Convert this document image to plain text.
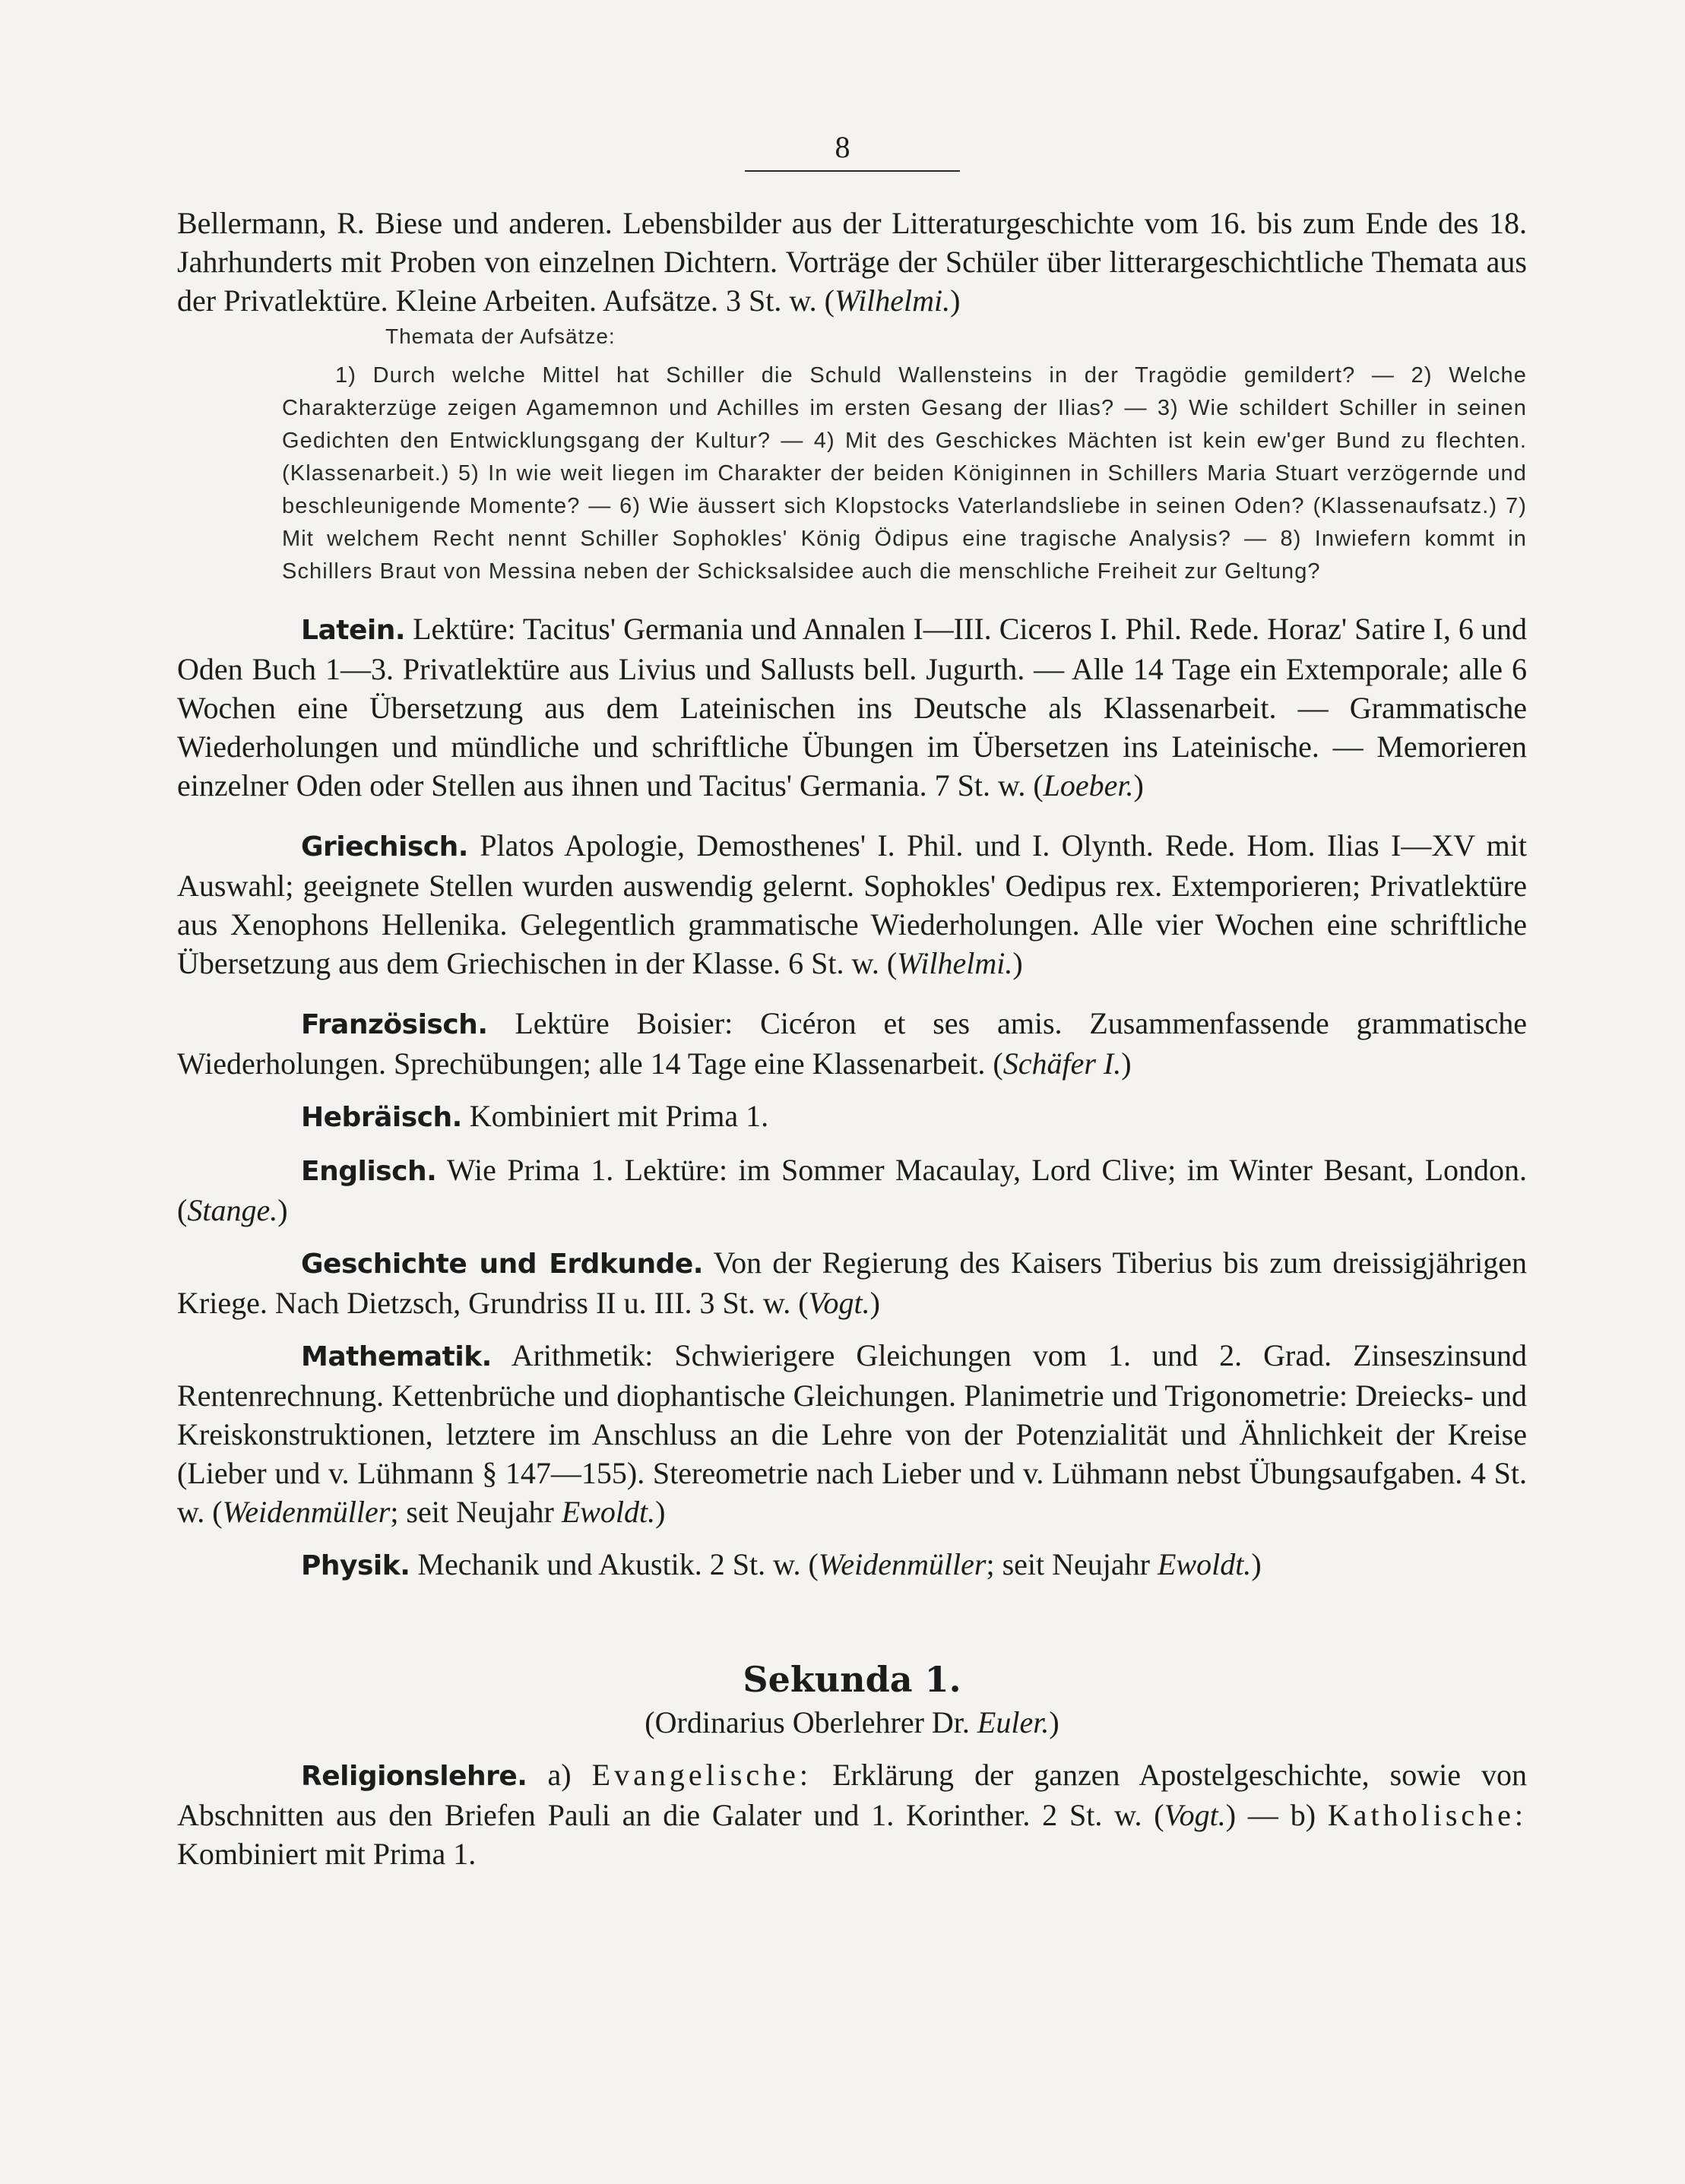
8

Bellermann, R. Biese und anderen. Lebensbilder aus der Litteraturgeschichte vom 16. bis zum Ende des 18. Jahrhunderts mit Proben von einzelnen Dichtern. Vorträge der Schüler über litterargeschichtliche Themata aus der Privatlektüre. Kleine Arbeiten. Aufsätze. 3 St. w. (Wilhelmi.)

Themata der Aufsätze:

1) Durch welche Mittel hat Schiller die Schuld Wallensteins in der Tragödie gemildert? — 2) Welche Charakterzüge zeigen Agamemnon und Achilles im ersten Gesang der Ilias? — 3) Wie schildert Schiller in seinen Gedichten den Entwicklungsgang der Kultur? — 4) Mit des Geschickes Mächten ist kein ew'ger Bund zu flechten. (Klassenarbeit.) 5) In wie weit liegen im Charakter der beiden Königinnen in Schillers Maria Stuart verzögernde und beschleunigende Momente? — 6) Wie äussert sich Klopstocks Vaterlandsliebe in seinen Oden? (Klassenaufsatz.) 7) Mit welchem Recht nennt Schiller Sophokles' König Ödipus eine tragische Analysis? — 8) Inwiefern kommt in Schillers Braut von Messina neben der Schicksalsidee auch die menschliche Freiheit zur Geltung?

Latein. Lektüre: Tacitus' Germania und Annalen I—III. Ciceros I. Phil. Rede. Horaz' Satire I, 6 und Oden Buch 1—3. Privatlektüre aus Livius und Sallusts bell. Jugurth. — Alle 14 Tage ein Extemporale; alle 6 Wochen eine Übersetzung aus dem Lateinischen ins Deutsche als Klassenarbeit. — Grammatische Wiederholungen und mündliche und schriftliche Übungen im Übersetzen ins Lateinische. — Memorieren einzelner Oden oder Stellen aus ihnen und Tacitus' Germania. 7 St. w. (Loeber.)

Griechisch. Platos Apologie, Demosthenes' I. Phil. und I. Olynth. Rede. Hom. Ilias I—XV mit Auswahl; geeignete Stellen wurden auswendig gelernt. Sophokles' Oedipus rex. Extemporieren; Privatlektüre aus Xenophons Hellenika. Gelegentlich grammatische Wiederholungen. Alle vier Wochen eine schriftliche Übersetzung aus dem Griechischen in der Klasse. 6 St. w. (Wilhelmi.)

Französisch. Lektüre Boisier: Cicéron et ses amis. Zusammenfassende grammatische Wiederholungen. Sprechübungen; alle 14 Tage eine Klassenarbeit. (Schäfer I.)

Hebräisch. Kombiniert mit Prima 1.

Englisch. Wie Prima 1. Lektüre: im Sommer Macaulay, Lord Clive; im Winter Besant, London. (Stange.)

Geschichte und Erdkunde. Von der Regierung des Kaisers Tiberius bis zum dreissigjährigen Kriege. Nach Dietzsch, Grundriss II u. III. 3 St. w. (Vogt.)

Mathematik. Arithmetik: Schwierigere Gleichungen vom 1. und 2. Grad. Zinseszinsund Rentenrechnung. Kettenbrüche und diophantische Gleichungen. Planimetrie und Trigonometrie: Dreiecks- und Kreiskonstruktionen, letztere im Anschluss an die Lehre von der Potenzialität und Ähnlichkeit der Kreise (Lieber und v. Lühmann § 147—155). Stereometrie nach Lieber und v. Lühmann nebst Übungsaufgaben. 4 St. w. (Weidenmüller; seit Neujahr Ewoldt.)

Physik. Mechanik und Akustik. 2 St. w. (Weidenmüller; seit Neujahr Ewoldt.)

Sekunda 1.
(Ordinarius Oberlehrer Dr. Euler.)

Religionslehre. a) Evangelische: Erklärung der ganzen Apostelgeschichte, sowie von Abschnitten aus den Briefen Pauli an die Galater und 1. Korinther. 2 St. w. (Vogt.) — b) Katholische: Kombiniert mit Prima 1.
